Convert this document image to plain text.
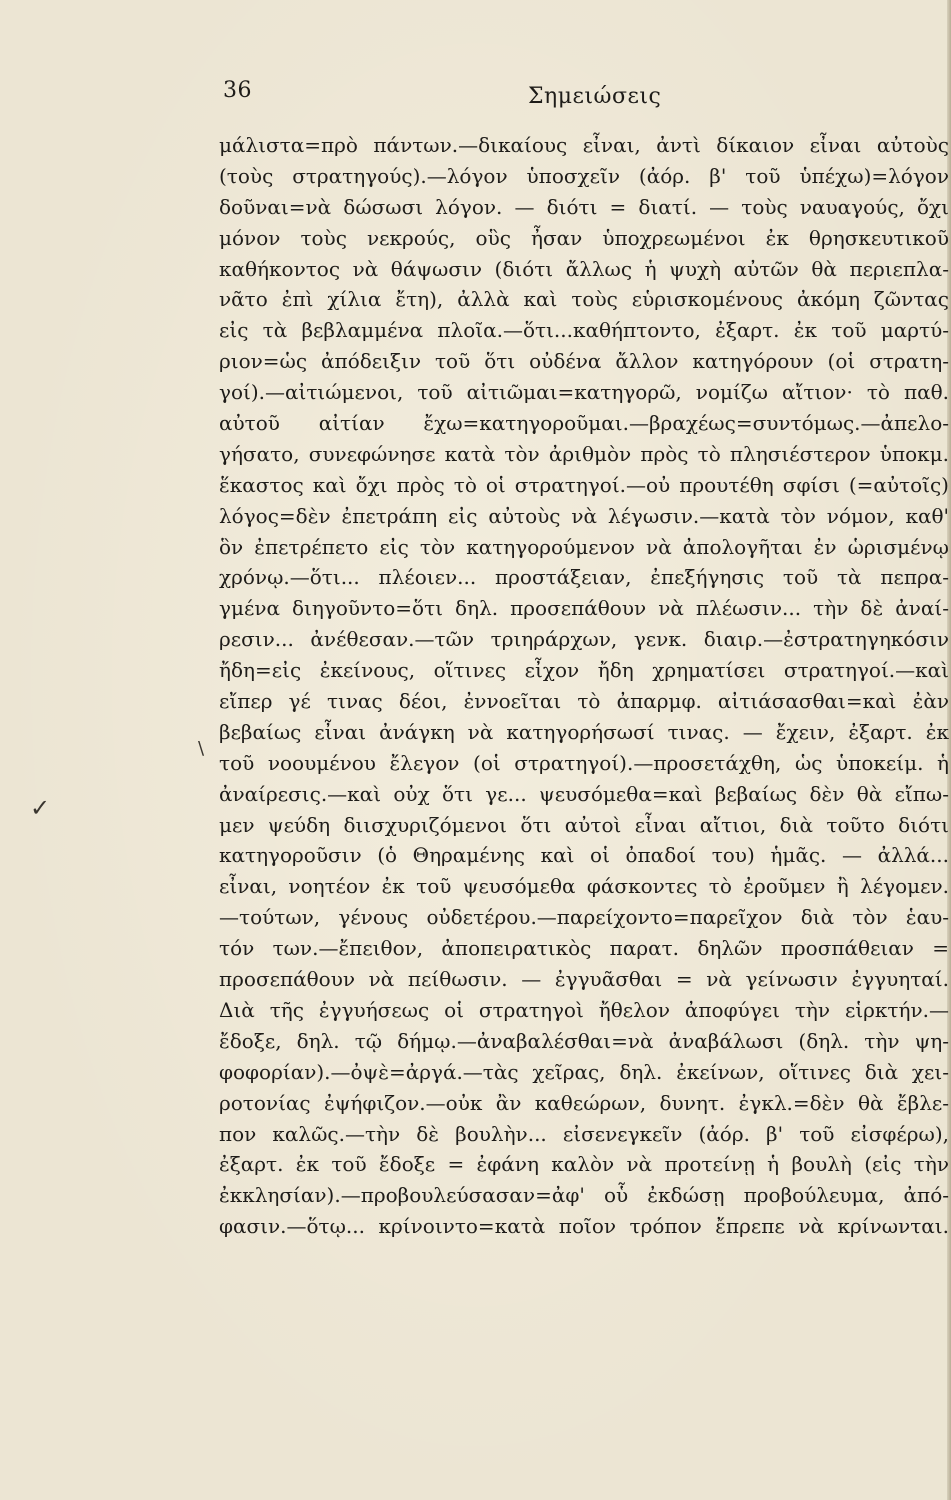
36	Σημειώσεις
\
✓
μάλιστα=πρὸ πάντων.—δικαίους εἶναι, ἀντὶ δίκαιον εἶναι αὐτοὺς
(τοὺς στρατηγούς).—λόγον ὑποσχεῖν (ἀόρ. β' τοῦ ὑπέχω)=λόγον
δοῦναι=νὰ δώσωσι λόγον. — διότι = διατί. — τοὺς ναυαγούς, ὄχι
μόνον τοὺς νεκρούς, οὓς ἦσαν ὑποχρεωμένοι ἐκ θρησκευτικοῦ
καθήκοντος νὰ θάψωσιν (διότι ἄλλως ἡ ψυχὴ αὐτῶν θὰ περιεπλα-
νᾶτο ἐπὶ χίλια ἔτη), ἀλλὰ καὶ τοὺς εὑρισκομένους ἀκόμη ζῶντας
εἰς τὰ βεβλαμμένα πλοῖα.—ὅτι...καθήπτοντο, ἐξαρτ. ἐκ τοῦ μαρτύ-
ριον=ὡς ἀπόδειξιν τοῦ ὅτι οὐδένα ἄλλον κατηγόρουν (οἱ στρατη-
γοί).—αἰτιώμενοι, τοῦ αἰτιῶμαι=κατηγορῶ, νομίζω αἴτιον· τὸ παθ.
αὐτοῦ αἰτίαν ἔχω=κατηγοροῦμαι.—βραχέως=συντόμως.—ἀπελο-
γήσατο, συνεφώνησε κατὰ τὸν ἀριθμὸν πρὸς τὸ πλησιέστερον ὑποκμ.
ἕκαστος καὶ ὄχι πρὸς τὸ οἱ στρατηγοί.—οὐ προυτέθη σφίσι (=αὐτοῖς)
λόγος=δὲν ἐπετράπη εἰς αὐτοὺς νὰ λέγωσιν.—κατὰ τὸν νόμον, καθ'
ὃν ἐπετρέπετο εἰς τὸν κατηγορούμενον νὰ ἀπολογῆται ἐν ὡρισμένῳ
χρόνῳ.—ὅτι... πλέοιεν... προστάξειαν, ἐπεξήγησις τοῦ τὰ πεπρα-
γμένα διηγοῦντο=ὅτι δηλ. προσεπάθουν νὰ πλέωσιν... τὴν δὲ ἀναί-
ρεσιν... ἀνέθεσαν.—τῶν τριηράρχων, γενκ. διαιρ.—ἐστρατηγηκόσιν
ἤδη=εἰς ἐκείνους, οἵτινες εἶχον ἤδη χρηματίσει στρατηγοί.—καὶ
εἴπερ γέ τινας δέοι, ἐννοεῖται τὸ ἀπαρμφ. αἰτιάσασθαι=καὶ ἐὰν
βεβαίως εἶναι ἀνάγκη νὰ κατηγορήσωσί τινας. — ἔχειν, ἐξαρτ. ἐκ
τοῦ νοουμένου ἔλεγον (οἱ στρατηγοί).—προσετάχθη, ὡς ὑποκείμ. ἡ
ἀναίρεσις.—καὶ οὐχ ὅτι γε... ψευσόμεθα=καὶ βεβαίως δὲν θὰ εἴπω-
μεν ψεύδη διισχυριζόμενοι ὅτι αὐτοὶ εἶναι αἴτιοι, διὰ τοῦτο διότι
κατηγοροῦσιν (ὁ Θηραμένης καὶ οἱ ὀπαδοί του) ἡμᾶς. — ἀλλά...
εἶναι, νοητέον ἐκ τοῦ ψευσόμεθα φάσκοντες τὸ ἐροῦμεν ἢ λέγομεν.
—τούτων, γένους οὐδετέρου.—παρείχοντο=παρεῖχον διὰ τὸν ἑαυ-
τόν των.—ἔπειθον, ἀποπειρατικὸς παρατ. δηλῶν προσπάθειαν =
προσεπάθουν νὰ πείθωσιν. — ἐγγυᾶσθαι = νὰ γείνωσιν ἐγγυηταί.
Διὰ τῆς ἐγγυήσεως οἱ στρατηγοὶ ἤθελον ἀποφύγει τὴν εἱρκτήν.—
ἔδοξε, δηλ. τῷ δήμῳ.—ἀναβαλέσθαι=νὰ ἀναβάλωσι (δηλ. τὴν ψη-
φοφορίαν).—ὀψὲ=ἀργά.—τὰς χεῖρας, δηλ. ἐκείνων, οἵτινες διὰ χει-
ροτονίας ἐψήφιζον.—οὐκ ἂν καθεώρων, δυνητ. ἐγκλ.=δὲν θὰ ἔβλε-
πον καλῶς.—τὴν δὲ βουλὴν... εἰσενεγκεῖν (ἀόρ. β' τοῦ εἰσφέρω),
ἐξαρτ. ἐκ τοῦ ἔδοξε = ἐφάνη καλὸν νὰ προτείνῃ ἡ βουλὴ (εἰς τὴν
ἐκκλησίαν).—προβουλεύσασαν=ἀφ' οὗ ἐκδώσῃ προβούλευμα, ἀπό-
φασιν.—ὅτῳ... κρίνοιντο=κατὰ ποῖον τρόπον ἔπρεπε νὰ κρίνωνται.
